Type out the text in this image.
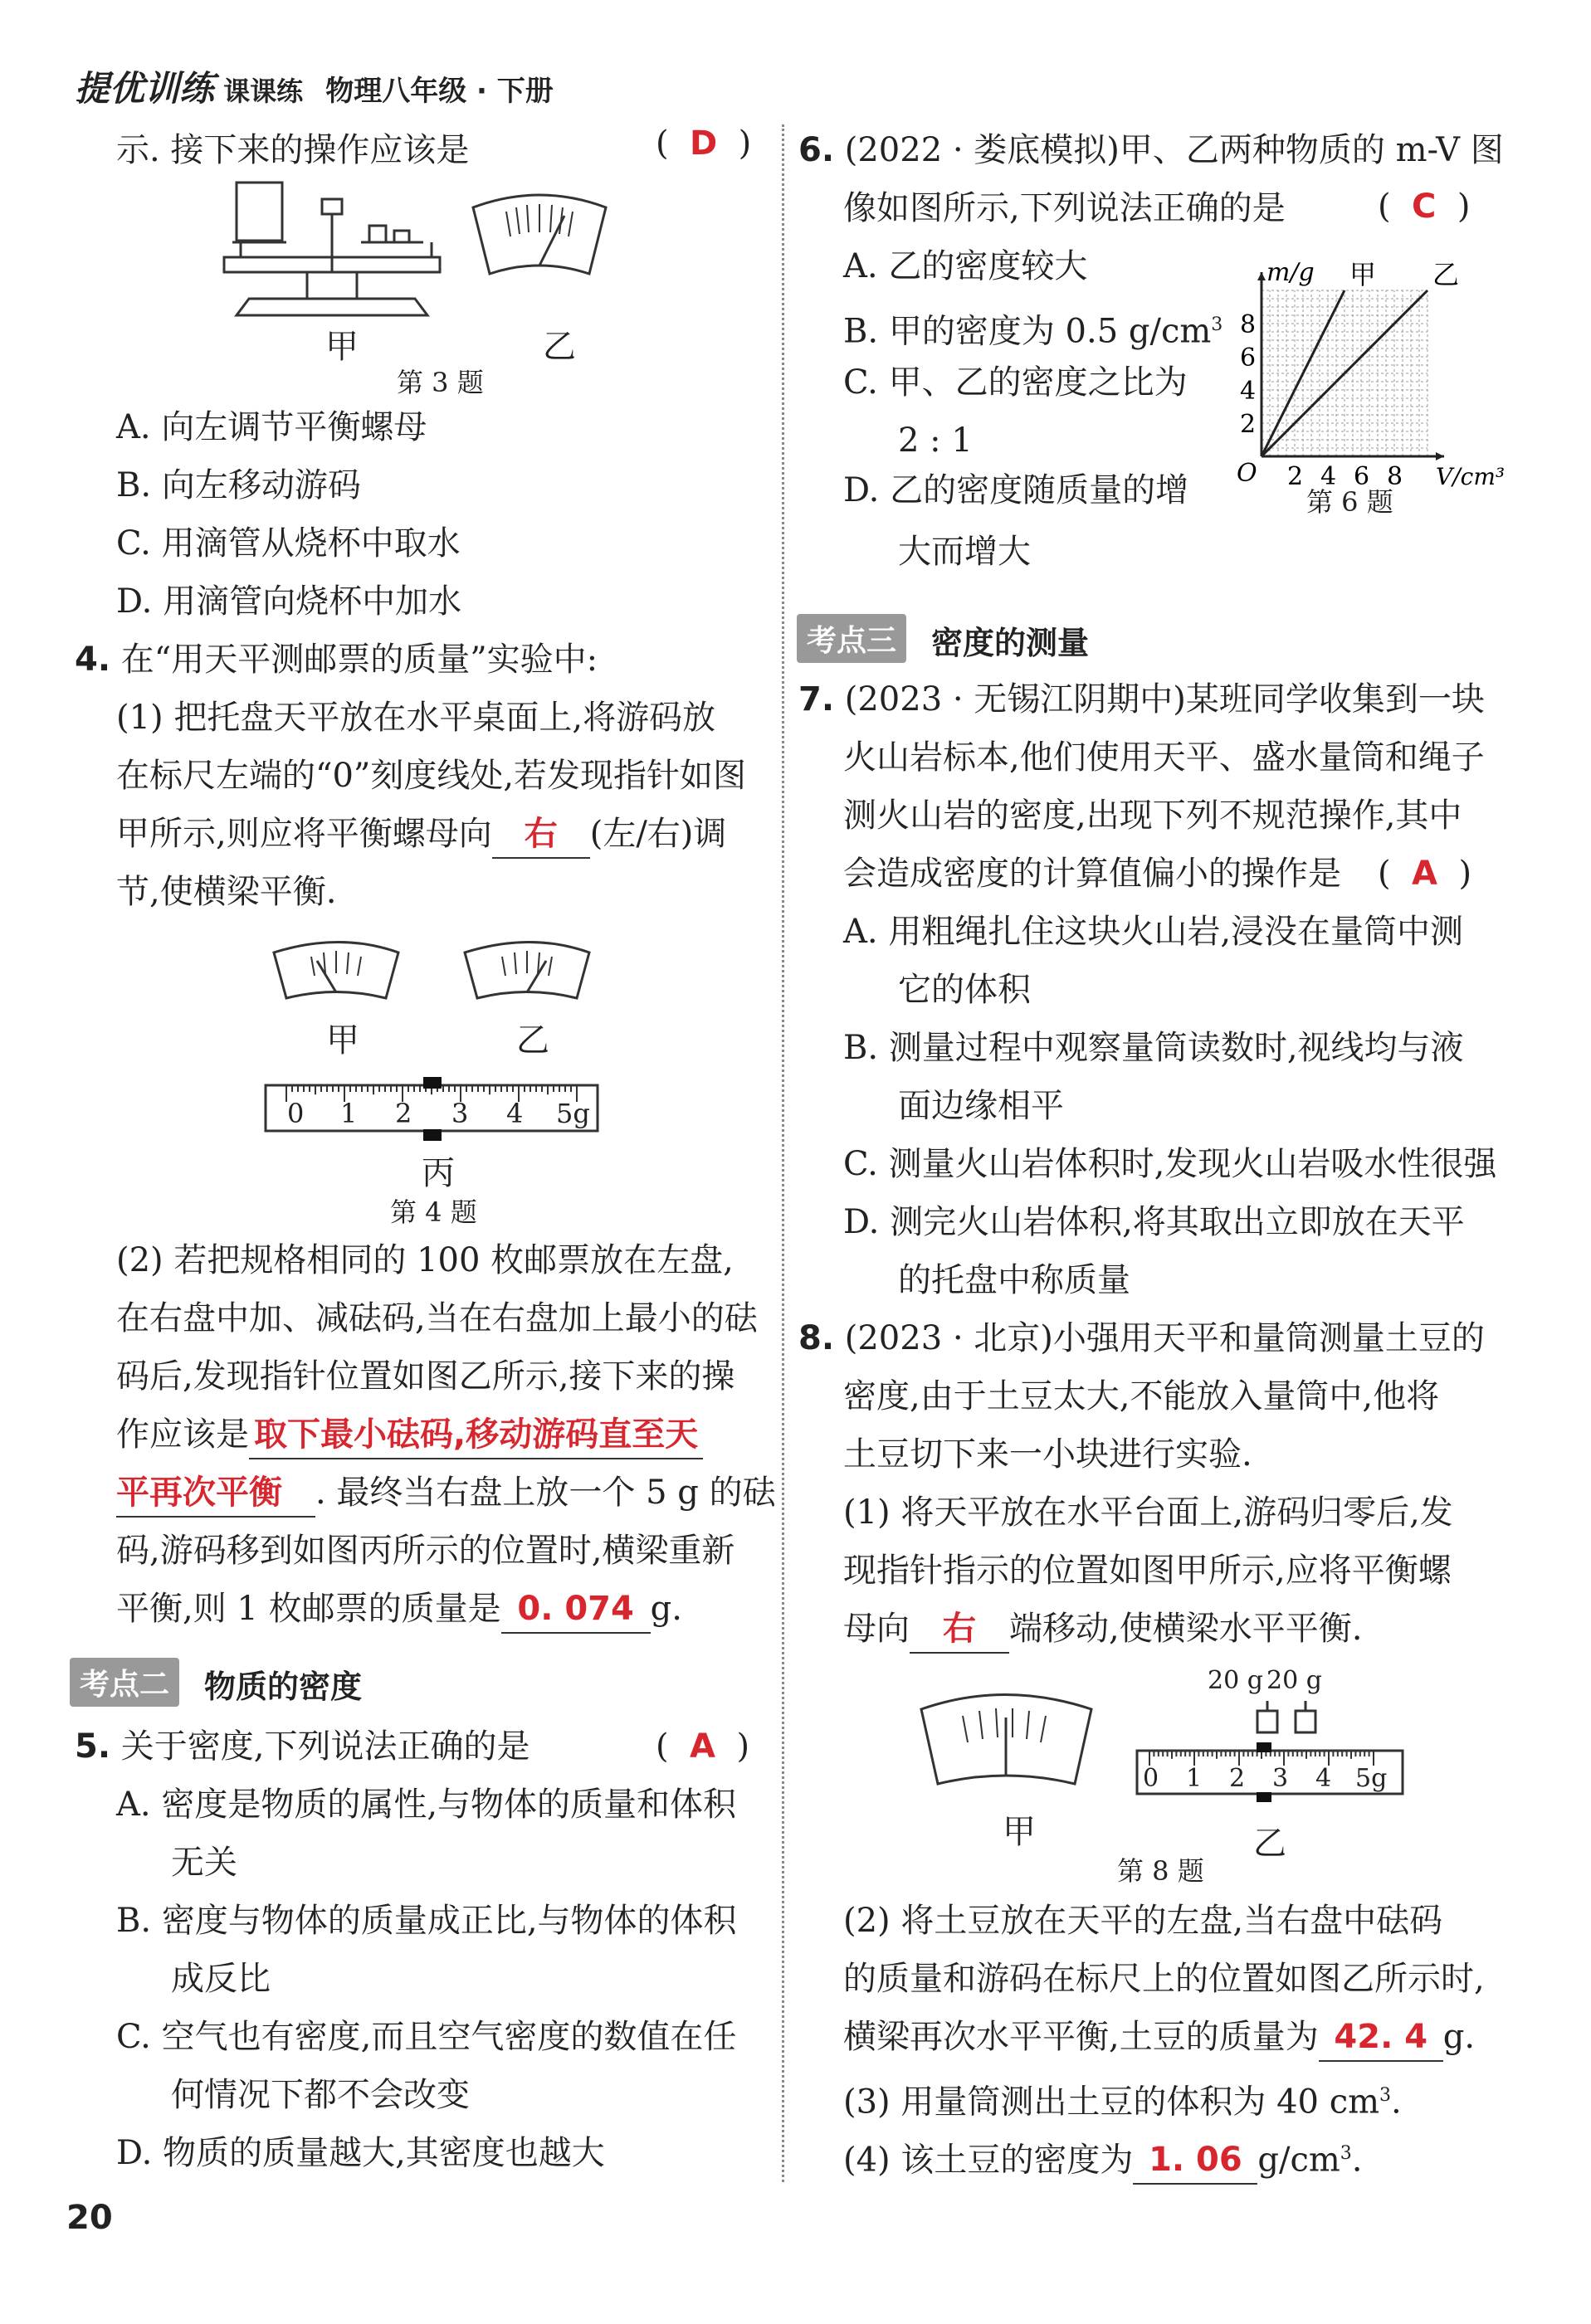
提优训练 课课练 物理八年级 · 下册
示. 接下来的操作应该是	(  D  )
甲	乙
第 3 题
A. 向左调节平衡螺母
B. 向左移动游码
C. 用滴管从烧杯中取水
D. 用滴管向烧杯中加水
4. 在“用天平测邮票的质量”实验中:
(1) 把托盘天平放在水平桌面上,将游码放
在标尺左端的“0”刻度线处,若发现指针如图
甲所示,则应将平衡螺母向 右 (左/右)调
节,使横梁平衡.
甲	乙
0 1 2 3 4 5g
丙
第 4 题
(2) 若把规格相同的 100 枚邮票放在左盘,
在右盘中加、减砝码,当在右盘加上最小的砝
码后,发现指针位置如图乙所示,接下来的操
作应该是 取下最小砝码,移动游码直至天
平再次平衡 . 最终当右盘上放一个 5 g 的砝
码,游码移到如图丙所示的位置时,横梁重新
平衡,则 1 枚邮票的质量是 0. 074 g.
考点二	物质的密度
5. 关于密度,下列说法正确的是	(  A  )
A. 密度是物质的属性,与物体的质量和体积
无关
B. 密度与物体的质量成正比,与物体的体积
成反比
C. 空气也有密度,而且空气密度的数值在任
何情况下都不会改变
D. 物质的质量越大,其密度也越大
20
6. (2022 · 娄底模拟)甲、乙两种物质的 m-V 图
像如图所示,下列说法正确的是	(  C  )
A. 乙的密度较大
B. 甲的密度为 0.5 $g/cm^3$
C. 甲、乙的密度之比为
2 : 1
D. 乙的密度随质量的增
大而增大
甲 乙
2 4 6 8
2
4
6
8
O
m/g
V/cm³
第 6 题
考点三	密度的测量
7. (2023 · 无锡江阴期中)某班同学收集到一块
火山岩标本,他们使用天平、盛水量筒和绳子
测火山岩的密度,出现下列不规范操作,其中
会造成密度的计算值偏小的操作是 (  A  )
A. 用粗绳扎住这块火山岩,浸没在量筒中测
它的体积
B. 测量过程中观察量筒读数时,视线均与液
面边缘相平
C. 测量火山岩体积时,发现火山岩吸水性很强
D. 测完火山岩体积,将其取出立即放在天平
的托盘中称质量
8. (2023 · 北京)小强用天平和量筒测量土豆的
密度,由于土豆太大,不能放入量筒中,他将
土豆切下来一小块进行实验.
(1) 将天平放在水平台面上,游码归零后,发
现指针指示的位置如图甲所示,应将平衡螺
母向 右 端移动,使横梁水平平衡.
20 g 20 g
0 1 2 3 4 5g
甲	乙
第 8 题
(2) 将土豆放在天平的左盘,当右盘中砝码
的质量和游码在标尺上的位置如图乙所示时,
横梁再次水平平衡,土豆的质量为 42. 4 g.
(3) 用量筒测出土豆的体积为 40 $cm^3$.
(4) 该土豆的密度为 1. 06 $g/cm^3$.
